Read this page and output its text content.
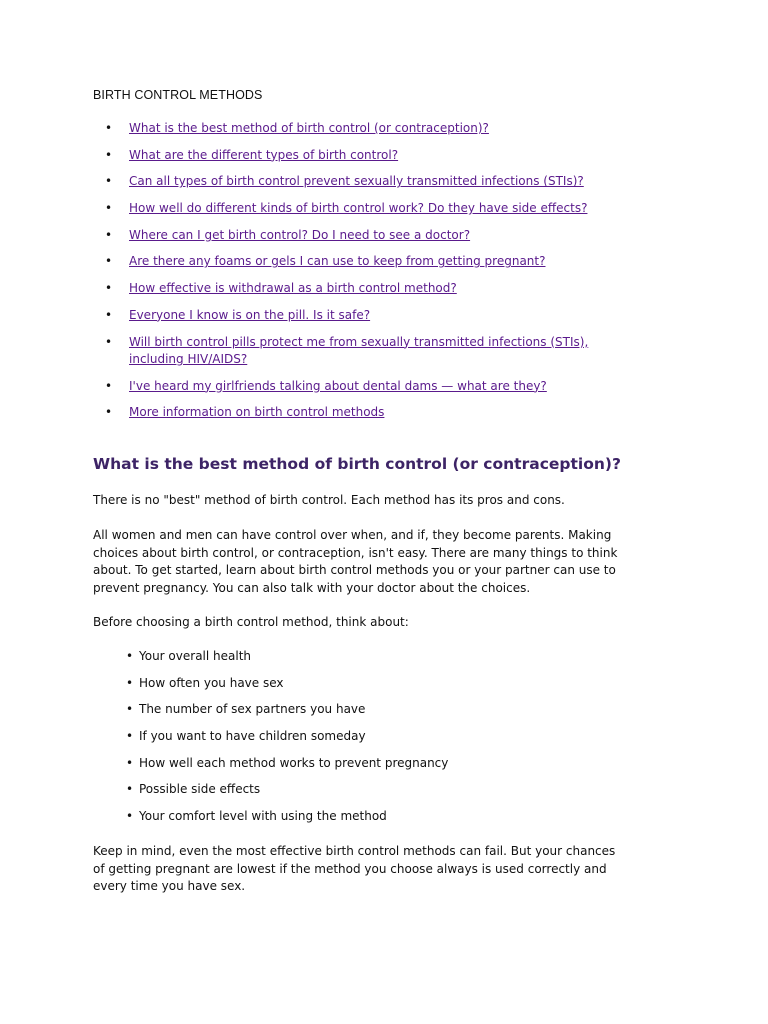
BIRTH CONTROL METHODS
• What is the best method of birth control (or contraception)?
• What are the different types of birth control?
• Can all types of birth control prevent sexually transmitted infections (STIs)?
• How well do different kinds of birth control work? Do they have side effects?
• Where can I get birth control? Do I need to see a doctor?
• Are there any foams or gels I can use to keep from getting pregnant?
• How effective is withdrawal as a birth control method?
• Everyone I know is on the pill. Is it safe?
• Will birth control pills protect me from sexually transmitted infections (STIs), including HIV/AIDS?
• I've heard my girlfriends talking about dental dams — what are they?
• More information on birth control methods
What is the best method of birth control (or contraception)?

There is no "best" method of birth control. Each method has its pros and cons.

All women and men can have control over when, and if, they become parents. Making choices about birth control, or contraception, isn't easy. There are many things to think about. To get started, learn about birth control methods you or your partner can use to prevent pregnancy. You can also talk with your doctor about the choices.

Before choosing a birth control method, think about:

• Your overall health
• How often you have sex
• The number of sex partners you have
• If you want to have children someday
• How well each method works to prevent pregnancy
• Possible side effects
• Your comfort level with using the method

Keep in mind, even the most effective birth control methods can fail. But your chances of getting pregnant are lowest if the method you choose always is used correctly and every time you have sex.
